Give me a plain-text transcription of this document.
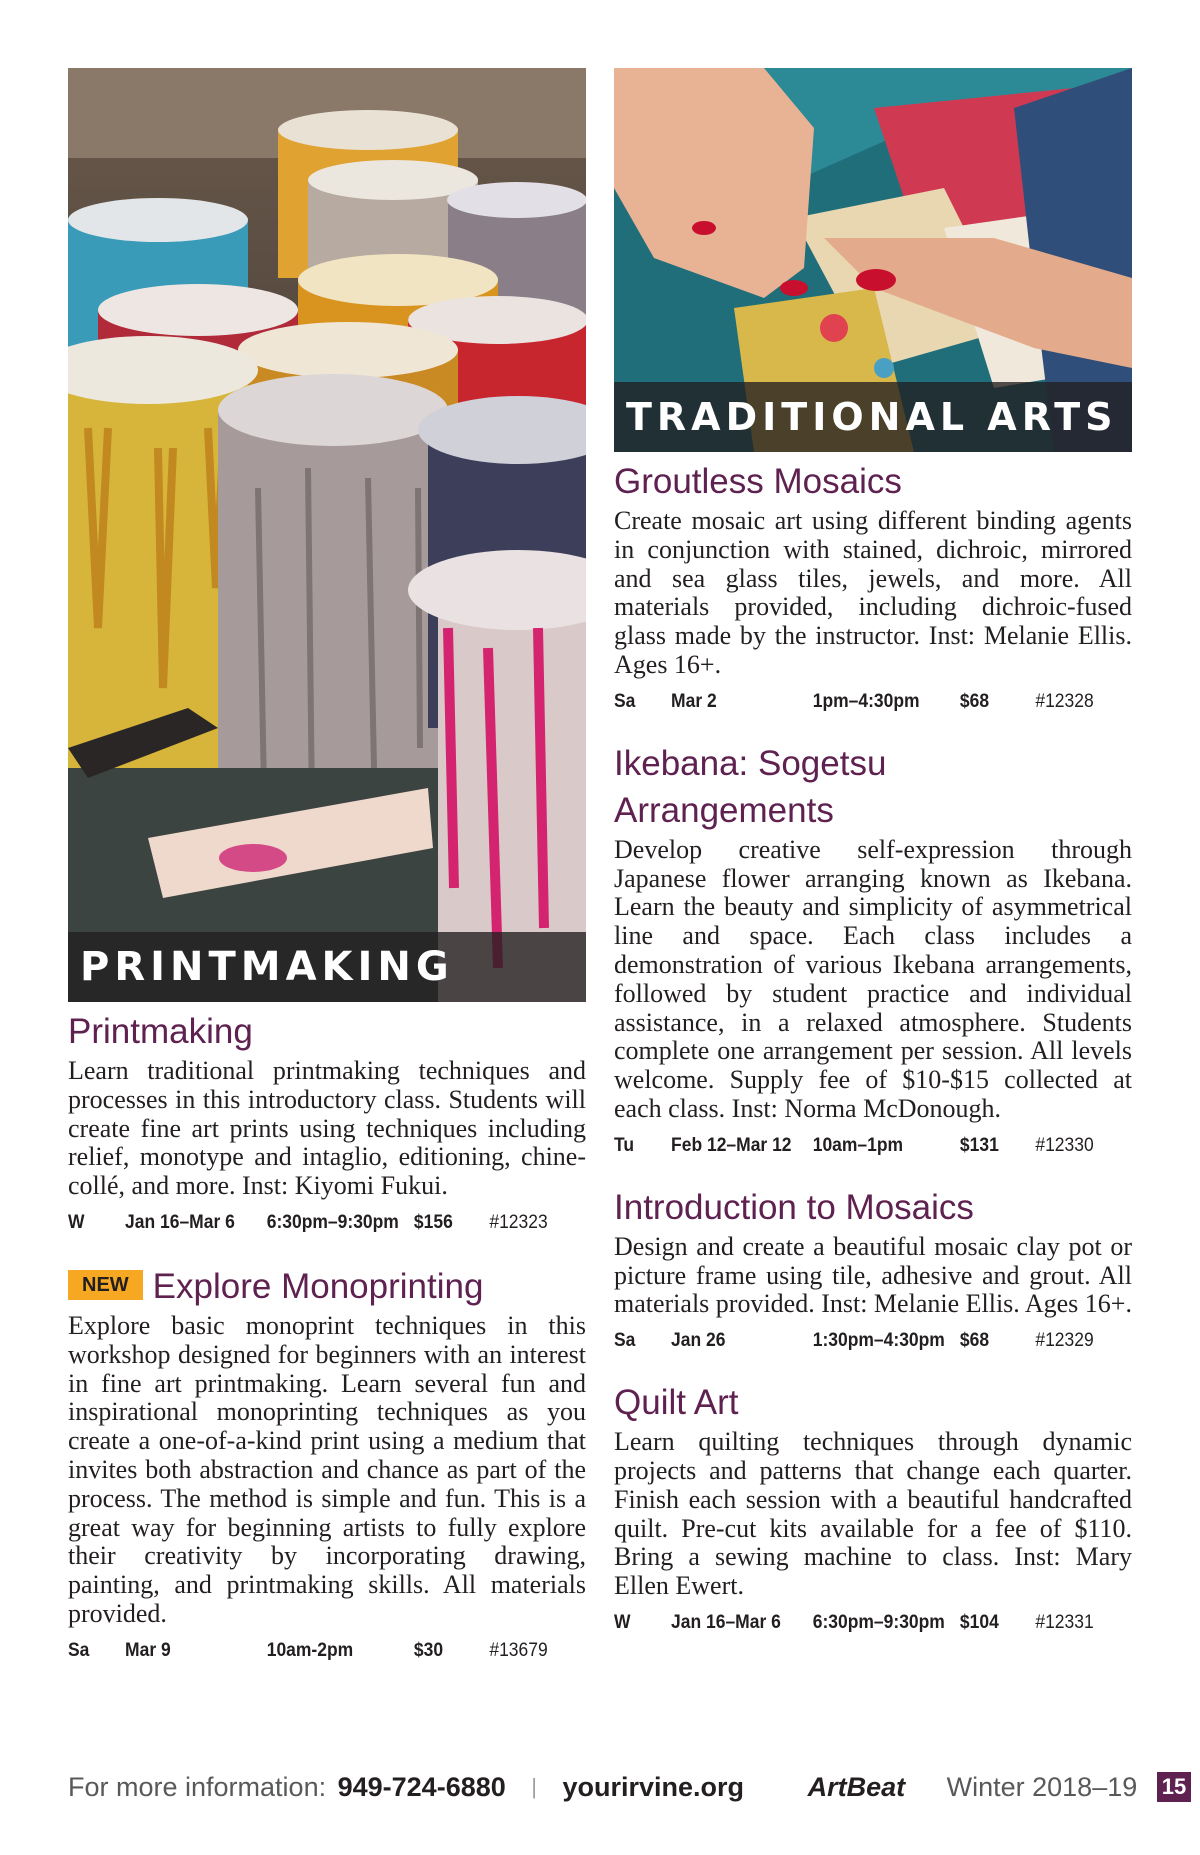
PRINTMAKING
Printmaking

Learn traditional printmaking techniques and processes in this introductory class. Students will create fine art prints using techniques including relief, monotype and intaglio, editioning, chine-collé, and more. Inst: Kiyomi Fukui.

W	Jan 16–Mar 6	6:30pm–9:30pm $156	#12323
NEW Explore Monoprinting

Explore basic monoprint techniques in this workshop designed for beginners with an interest in fine art printmaking. Learn several fun and inspirational monoprinting techniques as you create a one-of-a-kind print using a medium that invites both abstraction and chance as part of the process. The method is simple and fun. This is a great way for beginning artists to fully explore their creativity by incorporating drawing, painting, and printmaking skills. All materials provided.

Sa	Mar 9	10am-2pm	$30	#13679
TRADITIONAL ARTS
Groutless Mosaics

Create mosaic art using different binding agents in conjunction with stained, dichroic, mirrored and sea glass tiles, jewels, and more. All materials provided, including dichroic-fused glass made by the instructor. Inst: Melanie Ellis. Ages 16+.

Sa	Mar 2	1pm–4:30pm	$68	#12328
Ikebana: Sogetsu Arrangements

Develop creative self-expression through Japanese flower arranging known as Ikebana. Learn the beauty and simplicity of asymmetrical line and space. Each class includes a demonstration of various Ikebana arrangements, followed by student practice and individual assistance, in a relaxed atmosphere. Students complete one arrangement per session. All levels welcome. Supply fee of $10-$15 collected at each class. Inst: Norma McDonough.

Tu	Feb 12–Mar 12	10am–1pm	$131	#12330
Introduction to Mosaics

Design and create a beautiful mosaic clay pot or picture frame using tile, adhesive and grout. All materials provided. Inst: Melanie Ellis. Ages 16+.

Sa	Jan 26	1:30pm–4:30pm $68	#12329
Quilt Art

Learn quilting techniques through dynamic projects and patterns that change each quarter. Finish each session with a beautiful handcrafted quilt. Pre-cut kits available for a fee of $110. Bring a sewing machine to class. Inst: Mary Ellen Ewert.

W	Jan 16–Mar 6	6:30pm–9:30pm $104	#12331
For more information: 949-724-6880 | yourirvine.org ArtBeat Winter 2018–19 15
